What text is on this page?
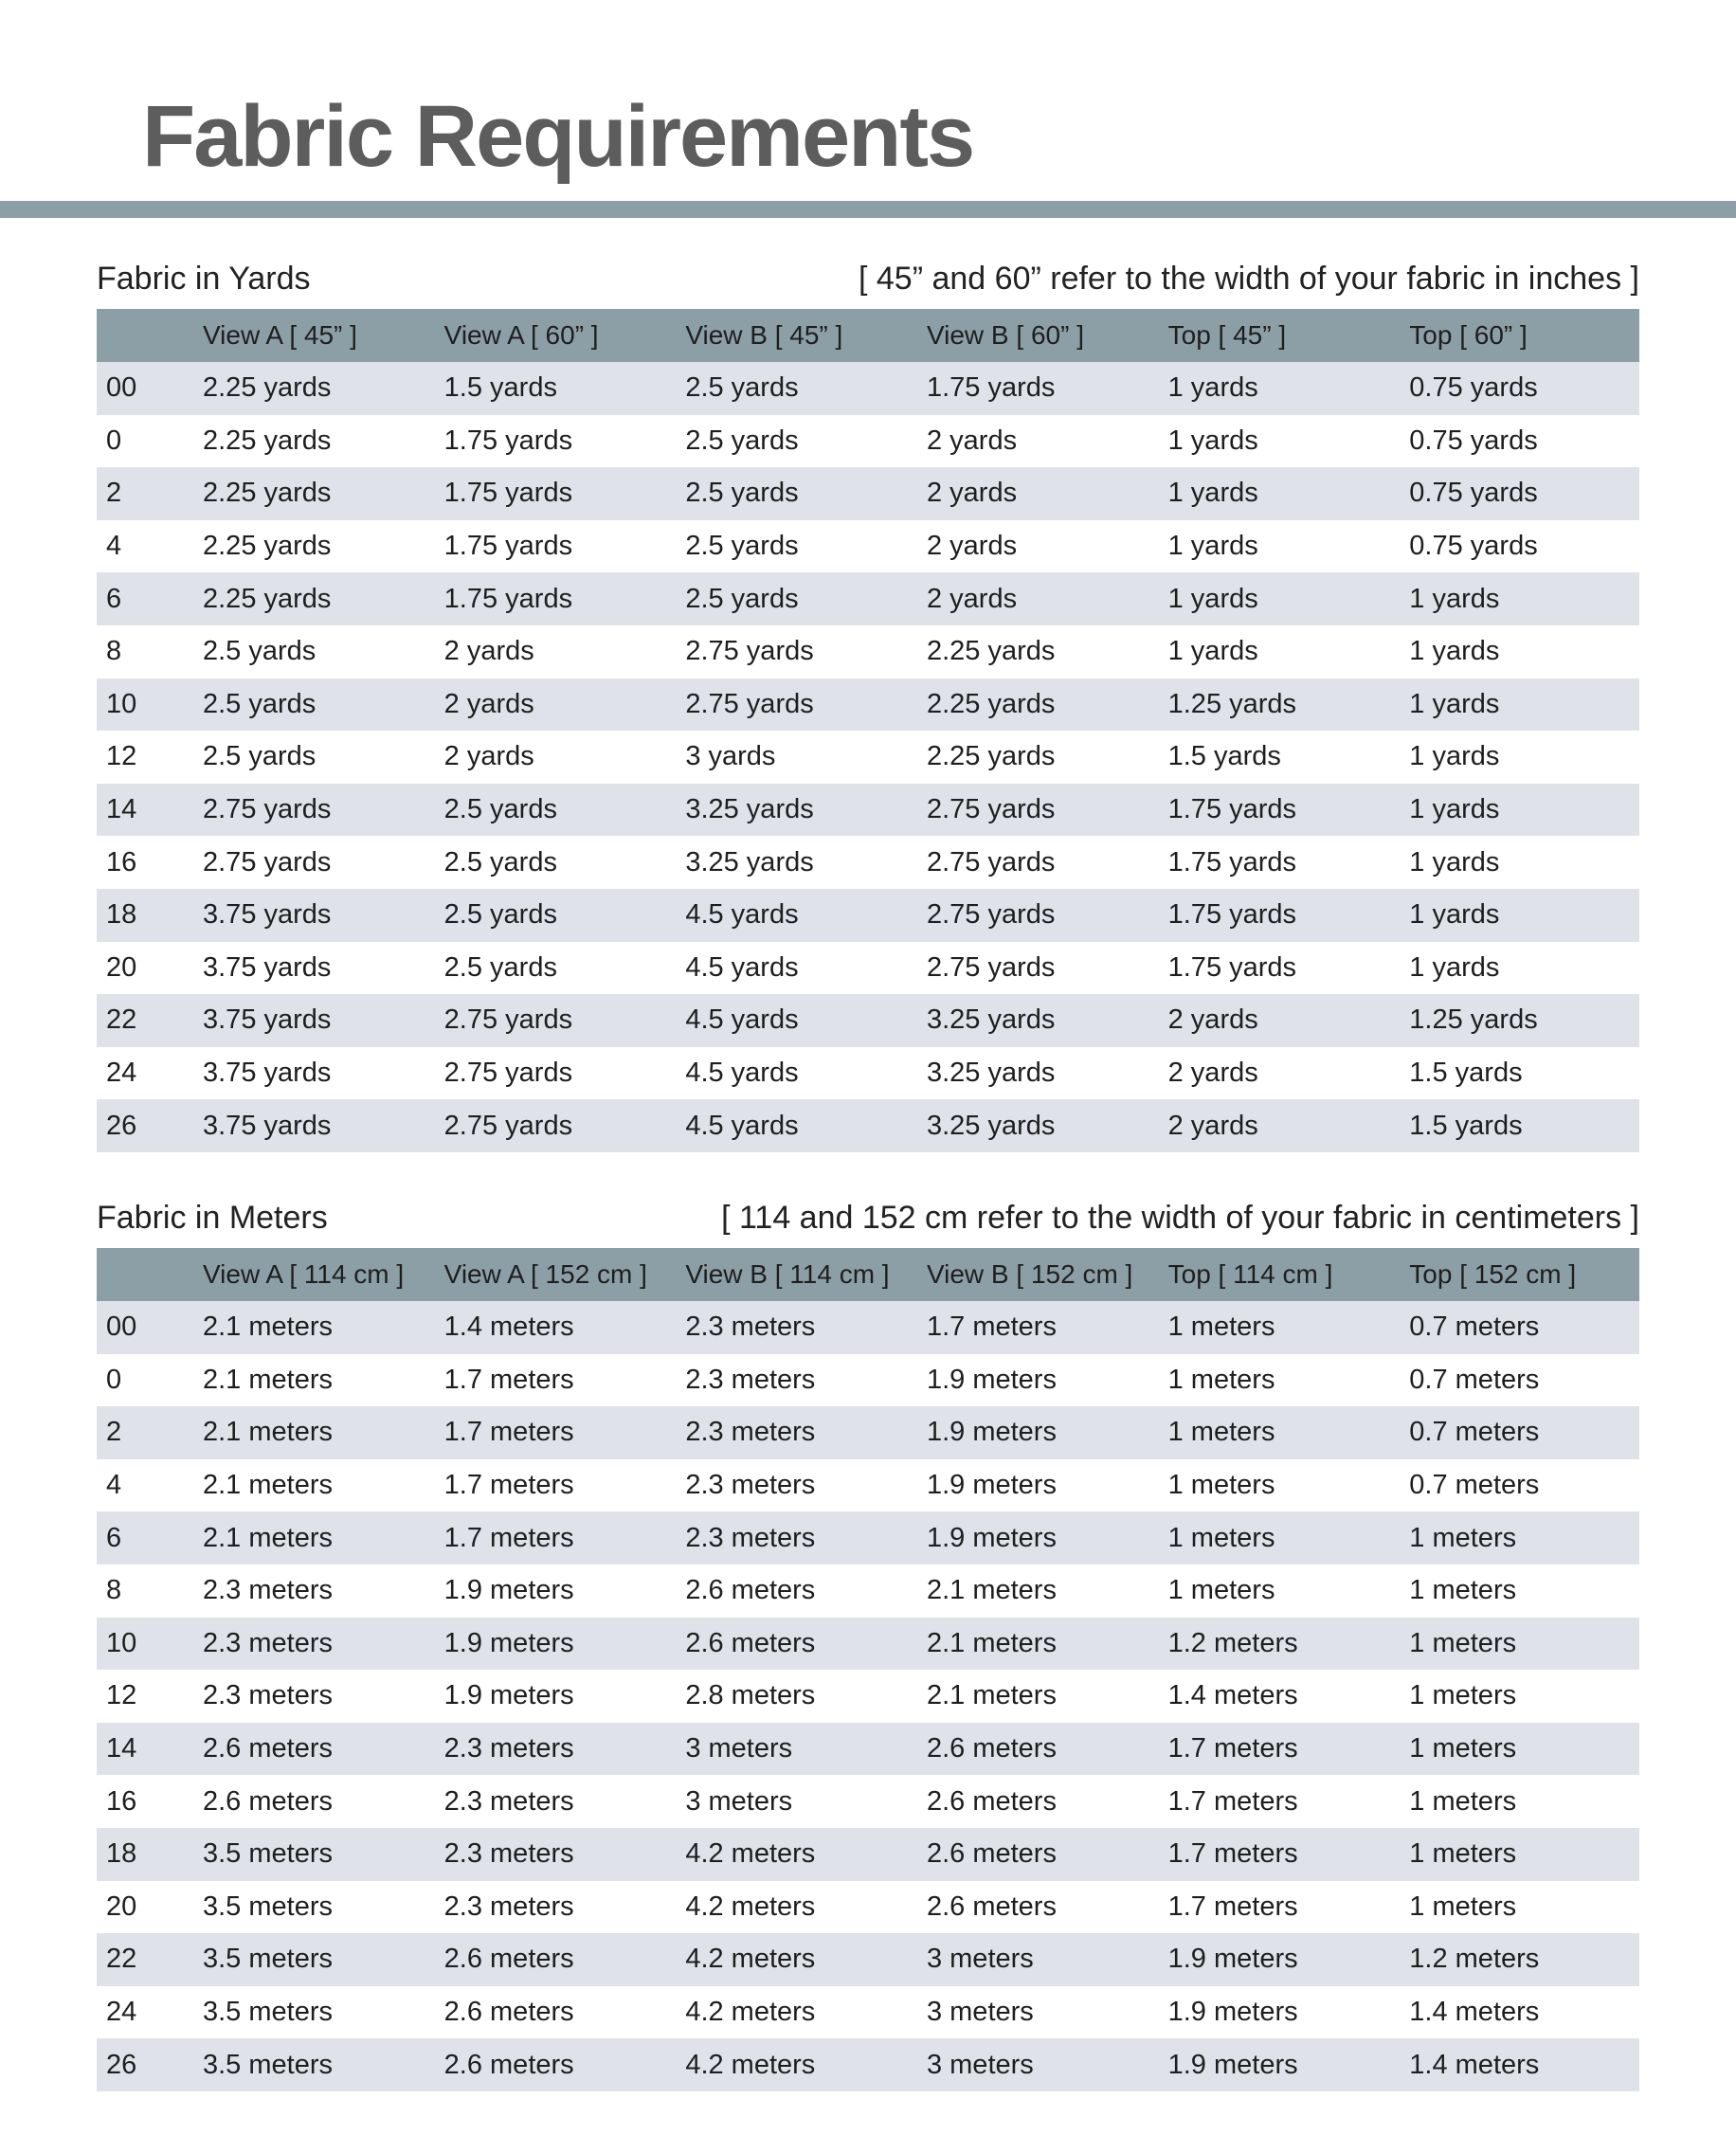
Fabric Requirements
Fabric in Yards	[ 45” and 60” refer to the width of your fabric in inches ]
	View A [ 45” ]	View A [ 60” ]	View B [ 45” ]	View B [ 60” ]	Top [ 45” ]	Top [ 60” ]
00	2.25 yards	1.5 yards	2.5 yards	1.75 yards	1 yards	0.75 yards
0	2.25 yards	1.75 yards	2.5 yards	2 yards	1 yards	0.75 yards
2	2.25 yards	1.75 yards	2.5 yards	2 yards	1 yards	0.75 yards
4	2.25 yards	1.75 yards	2.5 yards	2 yards	1 yards	0.75 yards
6	2.25 yards	1.75 yards	2.5 yards	2 yards	1 yards	1 yards
8	2.5 yards	2 yards	2.75 yards	2.25 yards	1 yards	1 yards
10	2.5 yards	2 yards	2.75 yards	2.25 yards	1.25 yards	1 yards
12	2.5 yards	2 yards	3 yards	2.25 yards	1.5 yards	1 yards
14	2.75 yards	2.5 yards	3.25 yards	2.75 yards	1.75 yards	1 yards
16	2.75 yards	2.5 yards	3.25 yards	2.75 yards	1.75 yards	1 yards
18	3.75 yards	2.5 yards	4.5 yards	2.75 yards	1.75 yards	1 yards
20	3.75 yards	2.5 yards	4.5 yards	2.75 yards	1.75 yards	1 yards
22	3.75 yards	2.75 yards	4.5 yards	3.25 yards	2 yards	1.25 yards
24	3.75 yards	2.75 yards	4.5 yards	3.25 yards	2 yards	1.5 yards
26	3.75 yards	2.75 yards	4.5 yards	3.25 yards	2 yards	1.5 yards
Fabric in Meters	[ 114 and 152 cm refer to the width of your fabric in centimeters ]
	View A [ 114 cm ]	View A [ 152 cm ]	View B [ 114 cm ]	View B [ 152 cm ]	Top [ 114 cm ]	Top [ 152 cm ]
00	2.1 meters	1.4 meters	2.3 meters	1.7 meters	1 meters	0.7 meters
0	2.1 meters	1.7 meters	2.3 meters	1.9 meters	1 meters	0.7 meters
2	2.1 meters	1.7 meters	2.3 meters	1.9 meters	1 meters	0.7 meters
4	2.1 meters	1.7 meters	2.3 meters	1.9 meters	1 meters	0.7 meters
6	2.1 meters	1.7 meters	2.3 meters	1.9 meters	1 meters	1 meters
8	2.3 meters	1.9 meters	2.6 meters	2.1 meters	1 meters	1 meters
10	2.3 meters	1.9 meters	2.6 meters	2.1 meters	1.2 meters	1 meters
12	2.3 meters	1.9 meters	2.8 meters	2.1 meters	1.4 meters	1 meters
14	2.6 meters	2.3 meters	3 meters	2.6 meters	1.7 meters	1 meters
16	2.6 meters	2.3 meters	3 meters	2.6 meters	1.7 meters	1 meters
18	3.5 meters	2.3 meters	4.2 meters	2.6 meters	1.7 meters	1 meters
20	3.5 meters	2.3 meters	4.2 meters	2.6 meters	1.7 meters	1 meters
22	3.5 meters	2.6 meters	4.2 meters	3 meters	1.9 meters	1.2 meters
24	3.5 meters	2.6 meters	4.2 meters	3 meters	1.9 meters	1.4 meters
26	3.5 meters	2.6 meters	4.2 meters	3 meters	1.9 meters	1.4 meters
